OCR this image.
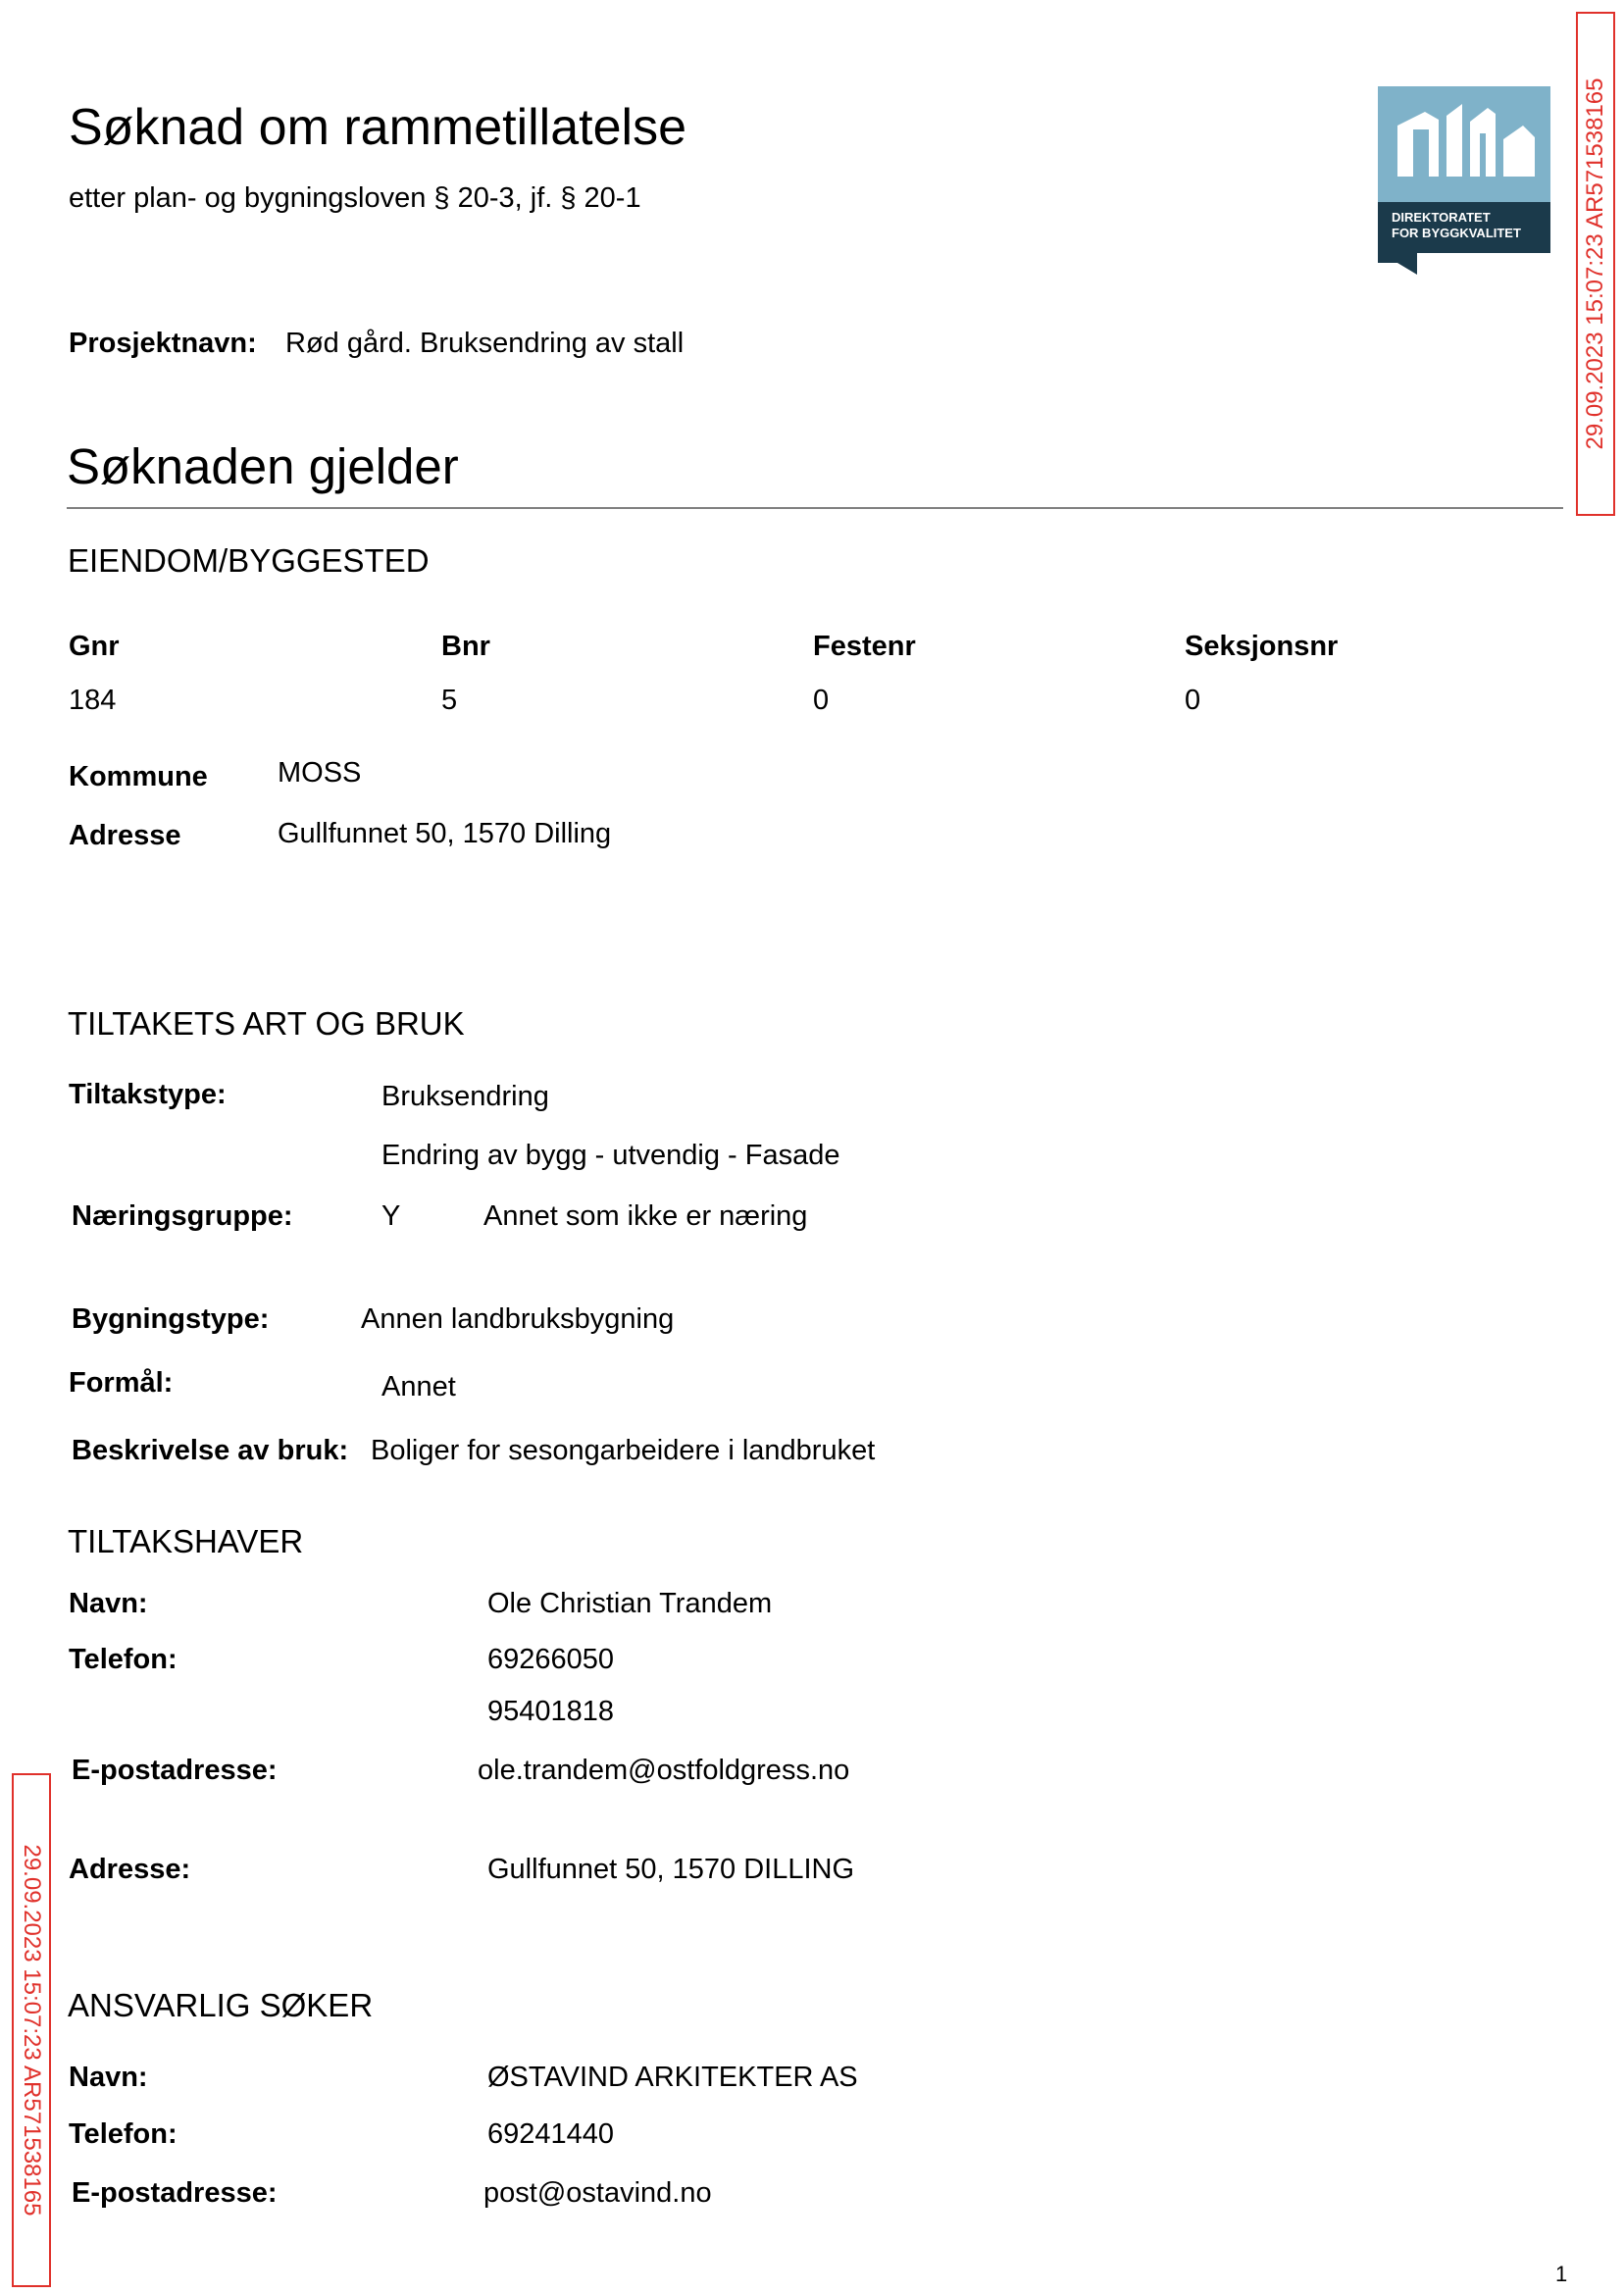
Søknad om rammetillatelse
etter plan- og bygningsloven § 20-3, jf. § 20-1
DIREKTORATET
FOR BYGGKVALITET
Prosjektnavn: Rød gård. Bruksendring av stall
Søknaden gjelder
EIENDOM/BYGGESTED
Gnr	Bnr	Festenr	Seksjonsnr
184	5	0	0
Kommune MOSS
Adresse	Gullfunnet 50, 1570 Dilling
TILTAKETS ART OG BRUK
Tiltakstype:	Bruksendring
Endring av bygg - utvendig - Fasade
Næringsgruppe:	Y	Annet som ikke er næring
Bygningstype:	Annen landbruksbygning
Formål:	Annet
Beskrivelse av bruk: Boliger for sesongarbeidere i landbruket
TILTAKSHAVER
Navn:	Ole Christian Trandem
Telefon:	69266050
95401818
E-postadresse:	ole.trandem@ostfoldgress.no
Adresse:	Gullfunnet 50, 1570 DILLING
ANSVARLIG SØKER
Navn:	ØSTAVIND ARKITEKTER AS
Telefon:	69241440
E-postadresse:	post@ostavind.no
29.09.2023 15:07:23 AR571538165
29.09.2023 15:07:23 AR571538165
1
